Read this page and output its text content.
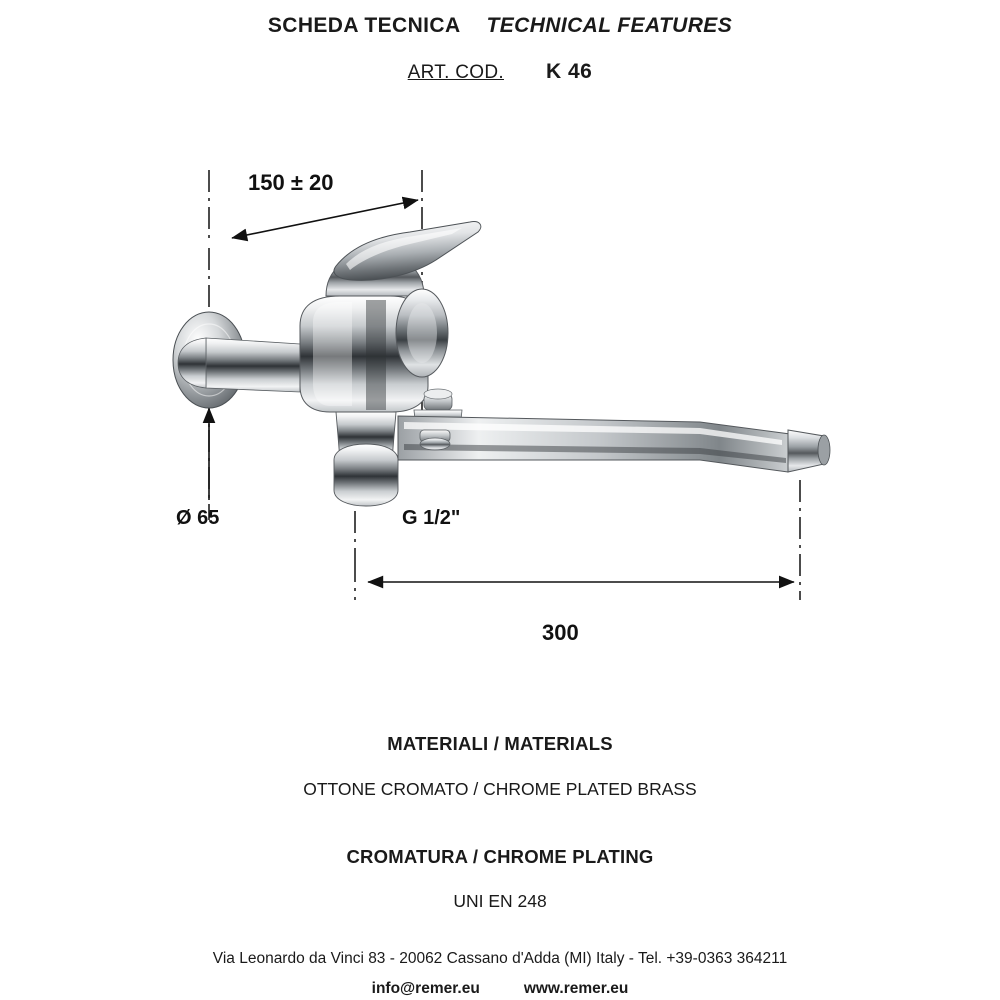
SCHEDA TECNICA TECHNICAL FEATURES
ART. COD. K 46
150 ± 20
Ø 65	G 1/2"
300
MATERIALI / MATERIALS
OTTONE CROMATO / CHROME PLATED BRASS
CROMATURA / CHROME PLATING
UNI EN 248
Via Leonardo da Vinci 83 - 20062 Cassano d'Adda (MI) Italy - Tel. +39-0363 364211
info@remer.eu	www.remer.eu
